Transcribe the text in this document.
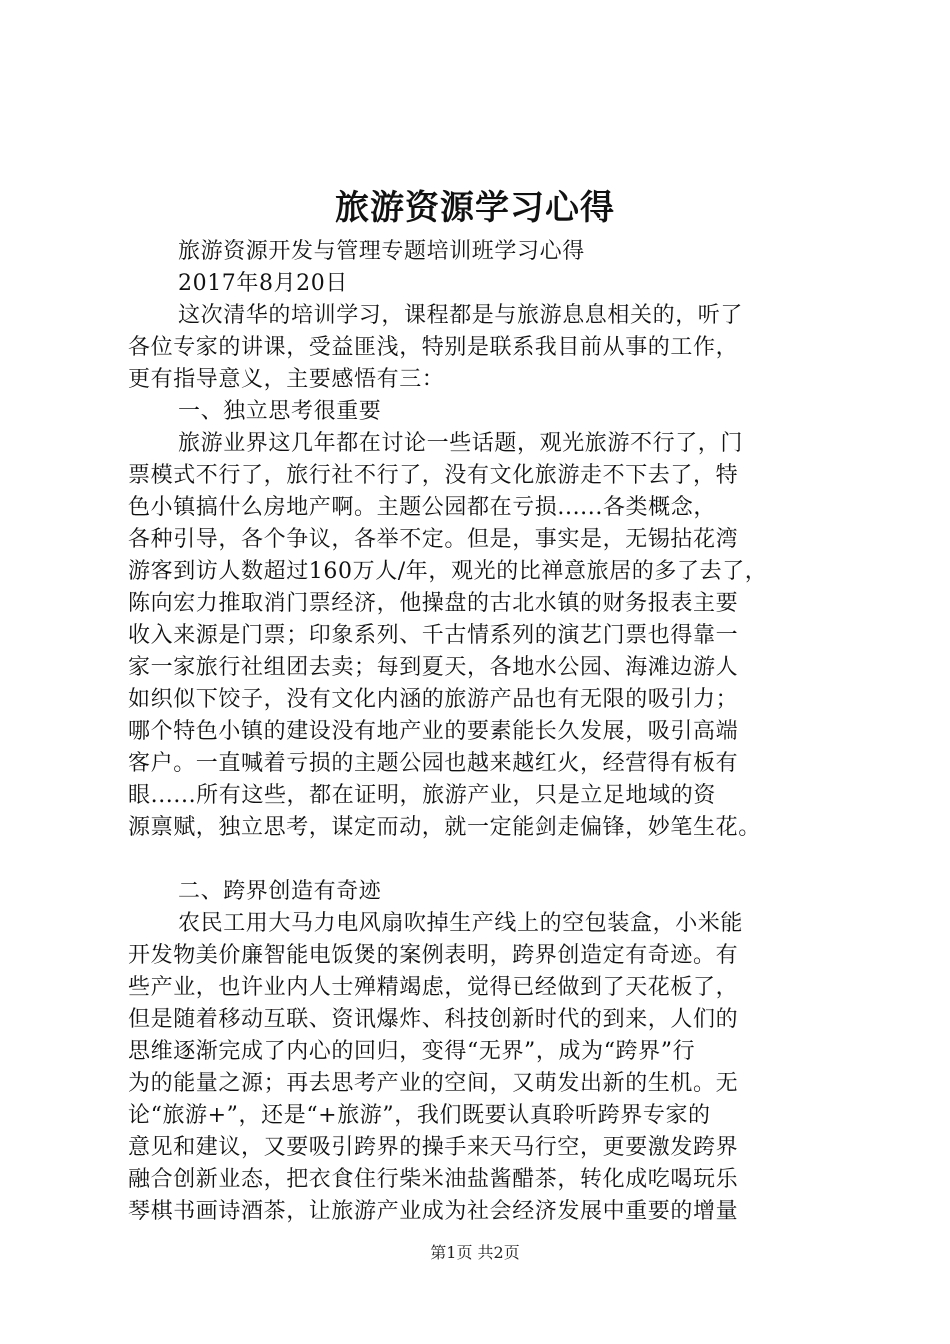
旅游资源学习心得

旅游资源开发与管理专题培训班学习心得

2017年8月20日

这次清华的培训学习，课程都是与旅游息息相关的，听了

各位专家的讲课，受益匪浅，特别是联系我目前从事的工作，

更有指导意义，主要感悟有三：

一、独立思考很重要

旅游业界这几年都在讨论一些话题，观光旅游不行了，门

票模式不行了，旅行社不行了，没有文化旅游走不下去了，特

色小镇搞什么房地产啊。主题公园都在亏损......各类概念，

各种引导，各个争议，各举不定。但是，事实是，无锡拈花湾

游客到访人数超过160万人/年，观光的比禅意旅居的多了去了，

陈向宏力推取消门票经济，他操盘的古北水镇的财务报表主要

收入来源是门票；印象系列、千古情系列的演艺门票也得靠一

家一家旅行社组团去卖；每到夏天，各地水公园、海滩边游人

如织似下饺子，没有文化内涵的旅游产品也有无限的吸引力；

哪个特色小镇的建设没有地产业的要素能长久发展，吸引高端

客户。一直喊着亏损的主题公园也越来越红火，经营得有板有

眼......所有这些，都在证明，旅游产业，只是立足地域的资

源禀赋，独立思考，谋定而动，就一定能剑走偏锋，妙笔生花。

二、跨界创造有奇迹

农民工用大马力电风扇吹掉生产线上的空包装盒，小米能

开发物美价廉智能电饭煲的案例表明，跨界创造定有奇迹。有

些产业，也许业内人士殚精竭虑，觉得已经做到了天花板了，

但是随着移动互联、资讯爆炸、科技创新时代的到来，人们的

思维逐渐完成了内心的回归，变得“无界”，成为“跨界”行

为的能量之源；再去思考产业的空间，又萌发出新的生机。无

论“旅游+”，还是“+旅游”，我们既要认真聆听跨界专家的

意见和建议，又要吸引跨界的操手来天马行空，更要激发跨界

融合创新业态，把衣食住行柴米油盐酱醋茶，转化成吃喝玩乐

琴棋书画诗酒茶，让旅游产业成为社会经济发展中重要的增量

第1页 共2页
